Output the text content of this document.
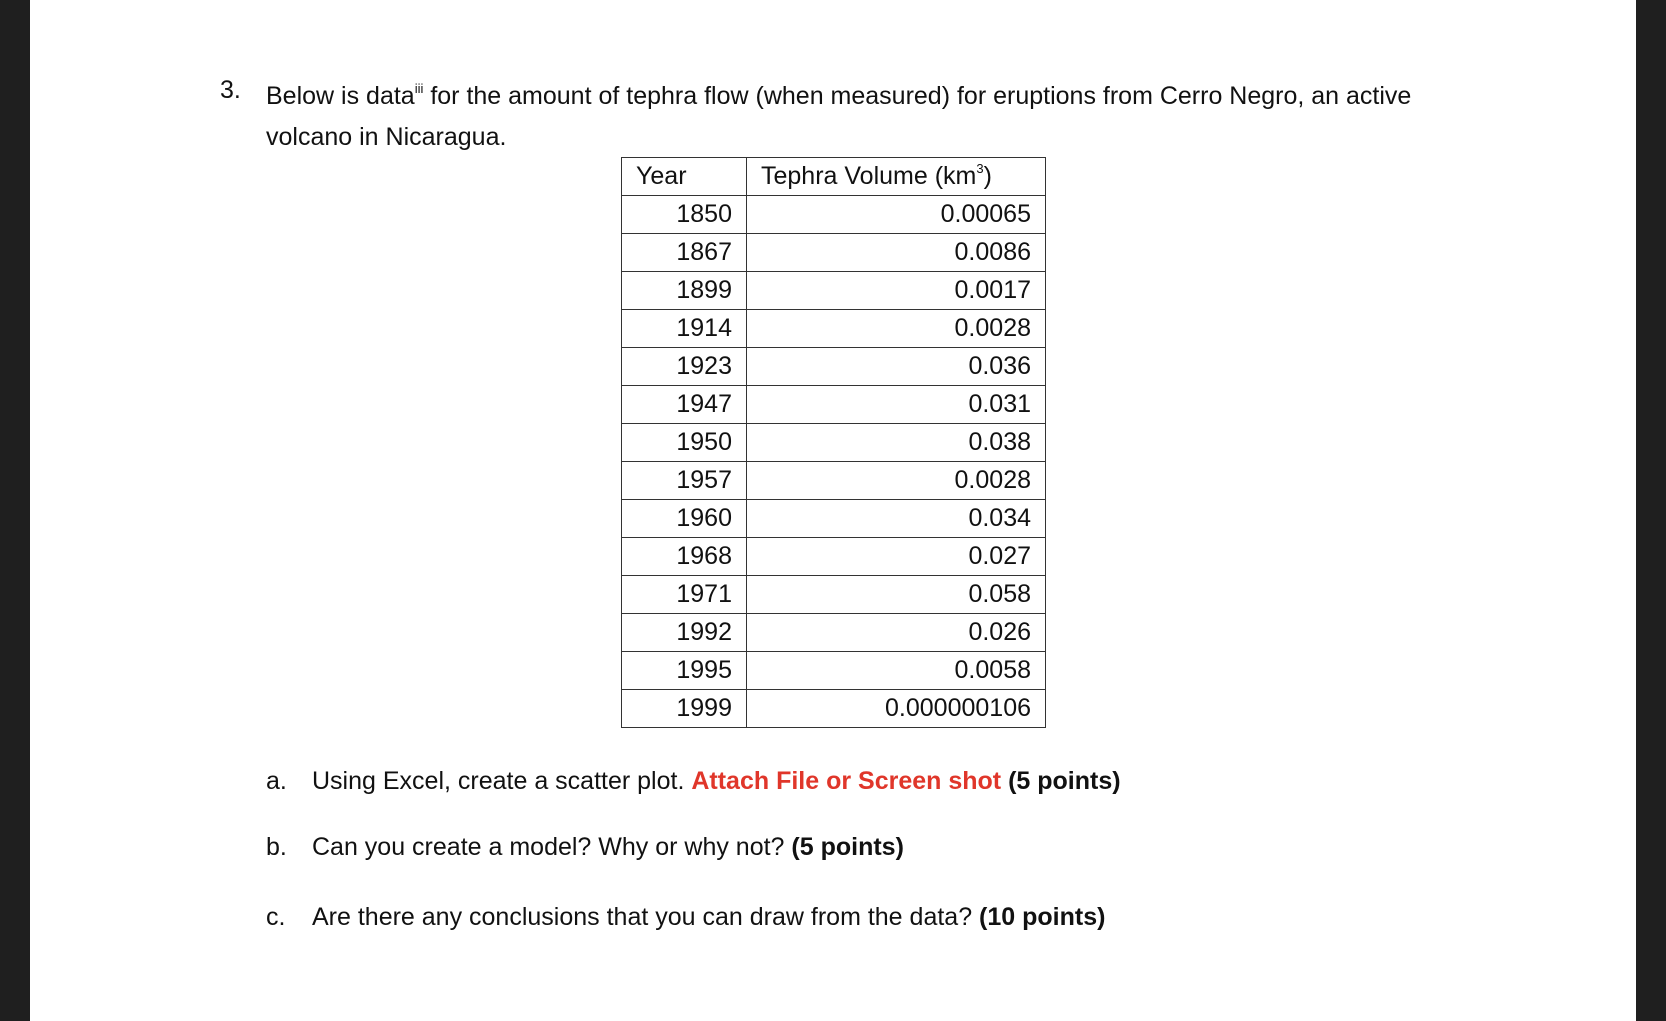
3. Below is data$^{iii}$ for the amount of tephra flow (when measured) for eruptions from Cerro Negro, an active volcano in Nicaragua.
Year	Tephra Volume $(km^3)$
1850	0.00065
1867	0.0086
1899	0.0017
1914	0.0028
1923	0.036
1947	0.031
1950	0.038
1957	0.0028
1960	0.034
1968	0.027
1971	0.058
1992	0.026
1995	0.0058
1999	0.000000106
a. Using Excel, create a scatter plot. Attach File or Screen shot (5 points)
b. Can you create a model? Why or why not? (5 points)
c. Are there any conclusions that you can draw from the data? (10 points)
